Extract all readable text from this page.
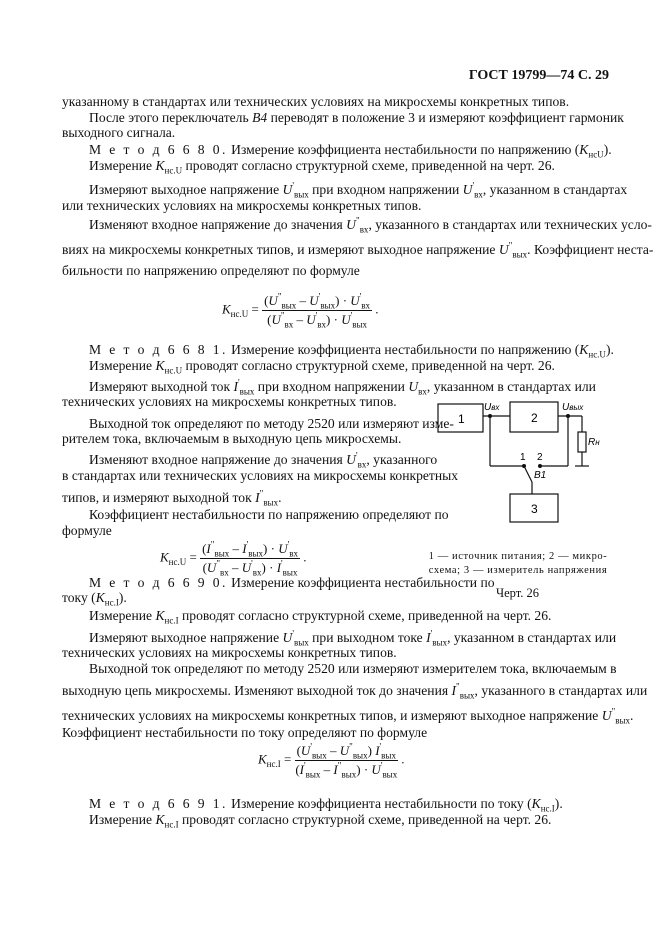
ГОСТ 19799—74 С. 29
указанному в стандартах или технических условиях на микросхемы конкретных типов.
После этого переключатель В4 переводят в положение 3 и измеряют коэффициент гармоник
выходного сигнала.
М е т о д 6 6 8 0. Измерение коэффициента нестабильности по напряжению $(K_{нсU})$.
Измерение $K_{нс.U}$ проводят согласно структурной схеме, приведенной на черт. 26.
Измеряют выходное напряжение $U'_{вых}$ при входном напряжении $U'_{вх}$, указанном в стандартах
или технических условиях на микросхемы конкретных типов.
Изменяют входное напряжение до значения $U^"_{вх}$, указанного в стандартах или технических усло-
виях на микросхемы конкретных типов, и измеряют выходное напряжение $U^"_{вых}$. Коэффициент неста-
бильности по напряжению определяют по формуле
$K_{нс.U} = \frac{(U^"_{вых} - U'_{вых}) \cdot U'_{вх}}{(U^"_{вх} - U'_{вх}) \cdot U'_{вых}}$ .
М е т о д 6 6 8 1. Измерение коэффициента нестабильности по напряжению $(K_{нс.U})$.
Измерение $K_{нс.U}$ проводят согласно структурной схеме, приведенной на черт. 26.
Измеряют выходной ток $I'_{вых}$ при входном напряжении $U_{вх}$, указанном в стандартах или
технических условиях на микросхемы конкретных типов.
Выходной ток определяют по методу 2520 или измеряют изме-
рителем тока, включаемым в выходную цепь микросхемы.
Изменяют входное напряжение до значения $U'_{вх}$, указанного
в стандартах или технических условиях на микросхемы конкретных
типов, и измеряют выходной ток $I^"_{вых}$.
Коэффициент нестабильности по напряжению определяют по
формуле
$K_{нс.U} = \frac{(I^"_{вых} - I'_{вых}) \cdot U'_{вх}}{(U^"_{вх} - U'_{вх}) \cdot I'_{вых}}$ .
М е т о д 6 6 9 0. Измерение коэффициента нестабильности по
току $(K_{нс.I})$.
Измерение $K_{нс.I}$ проводят согласно структурной схеме, приведенной на черт. 26.
Измеряют выходное напряжение $U'_{вых}$ при выходном токе $I'_{вых}$, указанном в стандартах или
технических условиях на микросхемы конкретных типов.
Выходной ток определяют по методу 2520 или измеряют измерителем тока, включаемым в
выходную цепь микросхемы. Изменяют выходной ток до значения $I^"_{вых}$, указанного в стандартах или
технических условиях на микросхемы конкретных типов, и измеряют выходное напряжение $U^"_{вых}$.
Коэффициент нестабильности по току определяют по формуле
$K_{нс.I} = \frac{(U'_{вых} - U^"_{вых}) I'_{вых}}{(I'_{вых} - I^"_{вых}) \cdot U'_{вых}}$ .
М е т о д 6 6 9 1. Измерение коэффициента нестабильности по току $(K_{нс.I})$.
Измерение $K_{нс.I}$ проводят согласно структурной схеме, приведенной на черт. 26.
1	2
3
Uвх	Uвых
Rн
1 2
В1
1 — источник питания; 2 — микро-
схема; 3 — измеритель напряжения
Черт. 26
